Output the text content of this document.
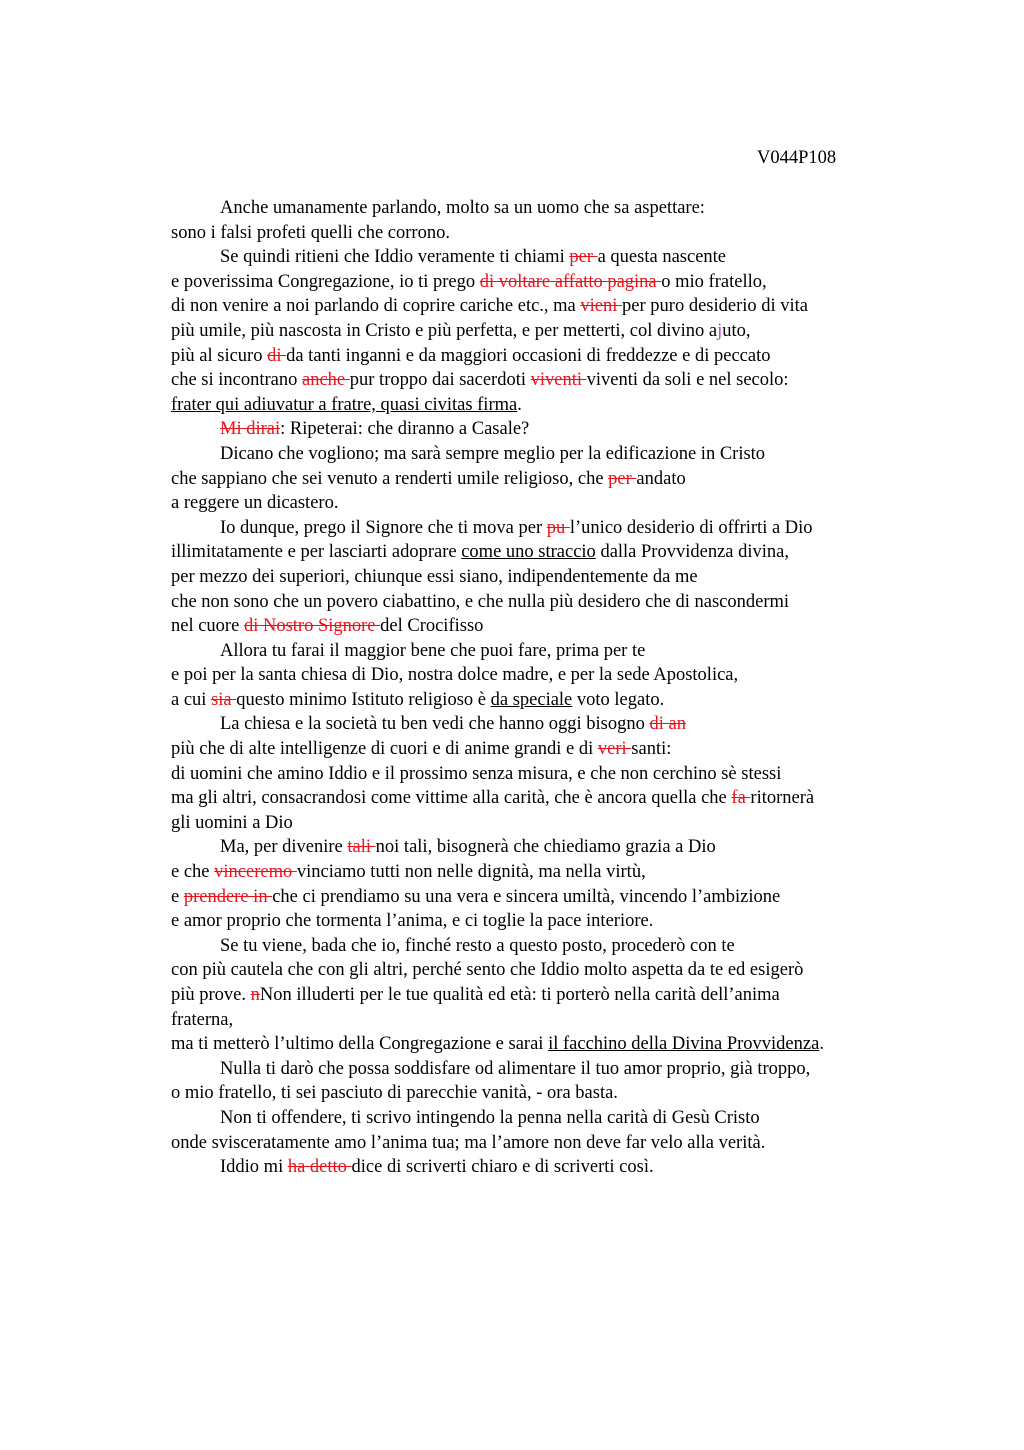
V044P108
Anche umanamente parlando, molto sa un uomo che sa aspettare:
sono i falsi profeti quelli che corrono.
Se quindi ritieni che Iddio veramente ti chiami per a questa nascente
e poverissima Congregazione, io ti prego di voltare affatto pagina o mio fratello,
di non venire a noi parlando di coprire cariche etc., ma vieni per puro desiderio di vita
più umile, più nascosta in Cristo e più perfetta, e per metterti, col divino ajuto,
più al sicuro di da tanti inganni e da maggiori occasioni di freddezze e di peccato
che si incontrano anche pur troppo dai sacerdoti viventi viventi da soli e nel secolo:
frater qui adiuvatur a fratre, quasi civitas firma.
Mi dirai: Ripeterai: che diranno a Casale?
Dicano che vogliono; ma sarà sempre meglio per la edificazione in Cristo
che sappiano che sei venuto a renderti umile religioso, che per andato
a reggere un dicastero.
Io dunque, prego il Signore che ti mova per pu l’unico desiderio di offrirti a Dio
illimitatamente e per lasciarti adoprare come uno straccio dalla Provvidenza divina,
per mezzo dei superiori, chiunque essi siano, indipendentemente da me
che non sono che un povero ciabattino, e che nulla più desidero che di nascondermi
nel cuore di Nostro Signore del Crocifisso
Allora tu farai il maggior bene che puoi fare, prima per te
e poi per la santa chiesa di Dio, nostra dolce madre, e per la sede Apostolica,
a cui sia questo minimo Istituto religioso è da speciale voto legato.
La chiesa e la società tu ben vedi che hanno oggi bisogno di an
più che di alte intelligenze di cuori e di anime grandi e di veri santi:
di uomini che amino Iddio e il prossimo senza misura, e che non cerchino sè stessi
ma gli altri, consacrandosi come vittime alla carità, che è ancora quella che fa ritornerà
gli uomini a Dio
Ma, per divenire tali noi tali, bisognerà che chiediamo grazia a Dio
e che vinceremo vinciamo tutti non nelle dignità, ma nella virtù,
e prendere in che ci prendiamo su una vera e sincera umiltà, vincendo l’ambizione
e amor proprio che tormenta l’anima, e ci toglie la pace interiore.
Se tu viene, bada che io, finché resto a questo posto, procederò con te
con più cautela che con gli altri, perché sento che Iddio molto aspetta da te ed esigerò
più prove. nNon illuderti per le tue qualità ed età: ti porterò nella carità dell’anima
fraterna,
ma ti metterò l’ultimo della Congregazione e sarai il facchino della Divina Provvidenza.
Nulla ti darò che possa soddisfare od alimentare il tuo amor proprio, già troppo,
o mio fratello, ti sei pasciuto di parecchie vanità, - ora basta.
Non ti offendere, ti scrivo intingendo la penna nella carità di Gesù Cristo
onde svisceratamente amo l’anima tua; ma l’amore non deve far velo alla verità.
Iddio mi ha detto dice di scriverti chiaro e di scriverti così.
